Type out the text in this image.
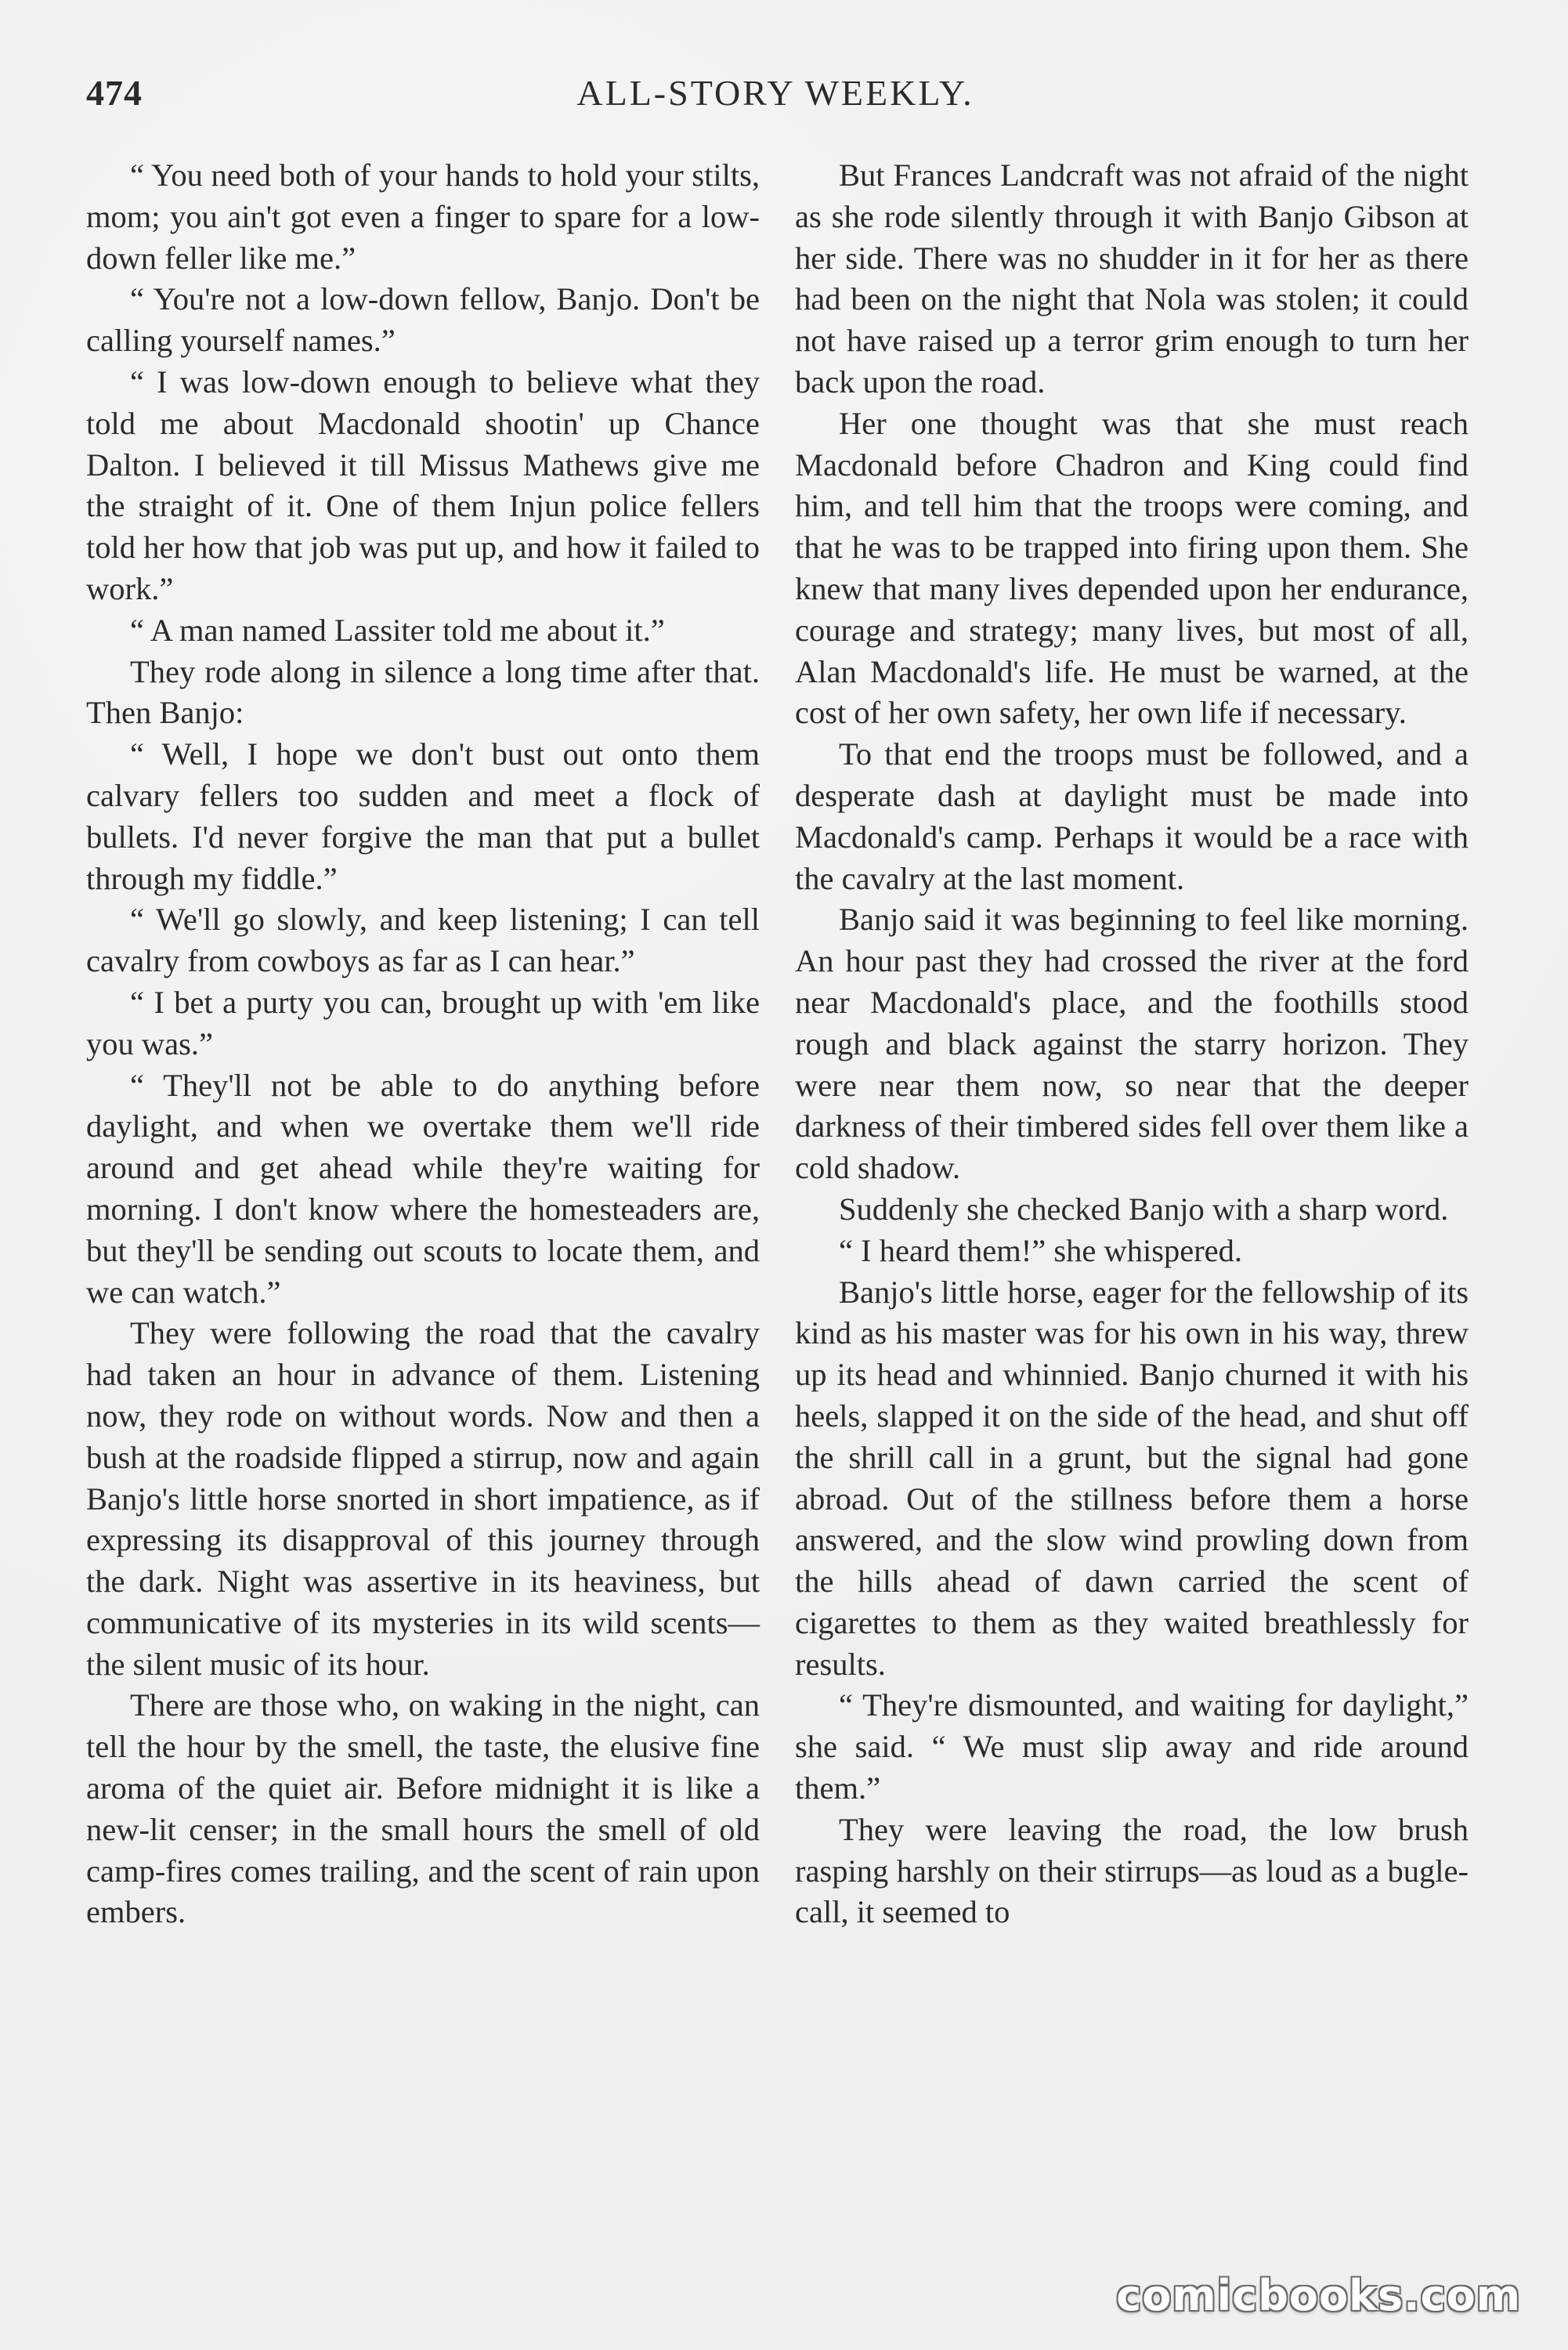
474	ALL-STORY WEEKLY.

“ You need both of your hands to hold your stilts, mom; you ain't got even a finger to spare for a low-down feller like me.”

“ You're not a low-down fellow, Banjo. Don't be calling yourself names.”

“ I was low-down enough to believe what they told me about Macdonald shootin' up Chance Dalton. I believed it till Missus Mathews give me the straight of it. One of them Injun police fellers told her how that job was put up, and how it failed to work.”

“ A man named Lassiter told me about it.”

They rode along in silence a long time after that. Then Banjo:

“ Well, I hope we don't bust out onto them calvary fellers too sudden and meet a flock of bullets. I'd never forgive the man that put a bullet through my fiddle.”

“ We'll go slowly, and keep listening; I can tell cavalry from cowboys as far as I can hear.”

“ I bet a purty you can, brought up with 'em like you was.”

“ They'll not be able to do anything before daylight, and when we overtake them we'll ride around and get ahead while they're waiting for morning. I don't know where the homesteaders are, but they'll be sending out scouts to locate them, and we can watch.”

They were following the road that the cavalry had taken an hour in advance of them. Listening now, they rode on without words. Now and then a bush at the roadside flipped a stirrup, now and again Banjo's little horse snorted in short impatience, as if expressing its disapproval of this journey through the dark. Night was assertive in its heaviness, but communicative of its mysteries in its wild scents—the silent music of its hour.

There are those who, on waking in the night, can tell the hour by the smell, the taste, the elusive fine aroma of the quiet air. Before midnight it is like a new-lit censer; in the small hours the smell of old camp-fires comes trailing, and the scent of rain upon embers.

But Frances Landcraft was not afraid of the night as she rode silently through it with Banjo Gibson at her side. There was no shudder in it for her as there had been on the night that Nola was stolen; it could not have raised up a terror grim enough to turn her back upon the road.

Her one thought was that she must reach Macdonald before Chadron and King could find him, and tell him that the troops were coming, and that he was to be trapped into firing upon them. She knew that many lives depended upon her endurance, courage and strategy; many lives, but most of all, Alan Macdonald's life. He must be warned, at the cost of her own safety, her own life if necessary.

To that end the troops must be followed, and a desperate dash at daylight must be made into Macdonald's camp. Perhaps it would be a race with the cavalry at the last moment.

Banjo said it was beginning to feel like morning. An hour past they had crossed the river at the ford near Macdonald's place, and the foothills stood rough and black against the starry horizon. They were near them now, so near that the deeper darkness of their timbered sides fell over them like a cold shadow.

Suddenly she checked Banjo with a sharp word.

“ I heard them!” she whispered.

Banjo's little horse, eager for the fellowship of its kind as his master was for his own in his way, threw up its head and whinnied. Banjo churned it with his heels, slapped it on the side of the head, and shut off the shrill call in a grunt, but the signal had gone abroad. Out of the stillness before them a horse answered, and the slow wind prowling down from the hills ahead of dawn carried the scent of cigarettes to them as they waited breathlessly for results.

“ They're dismounted, and waiting for daylight,” she said. “ We must slip away and ride around them.”

They were leaving the road, the low brush rasping harshly on their stirrups—as loud as a bugle-call, it seemed to

comicbooks.com
